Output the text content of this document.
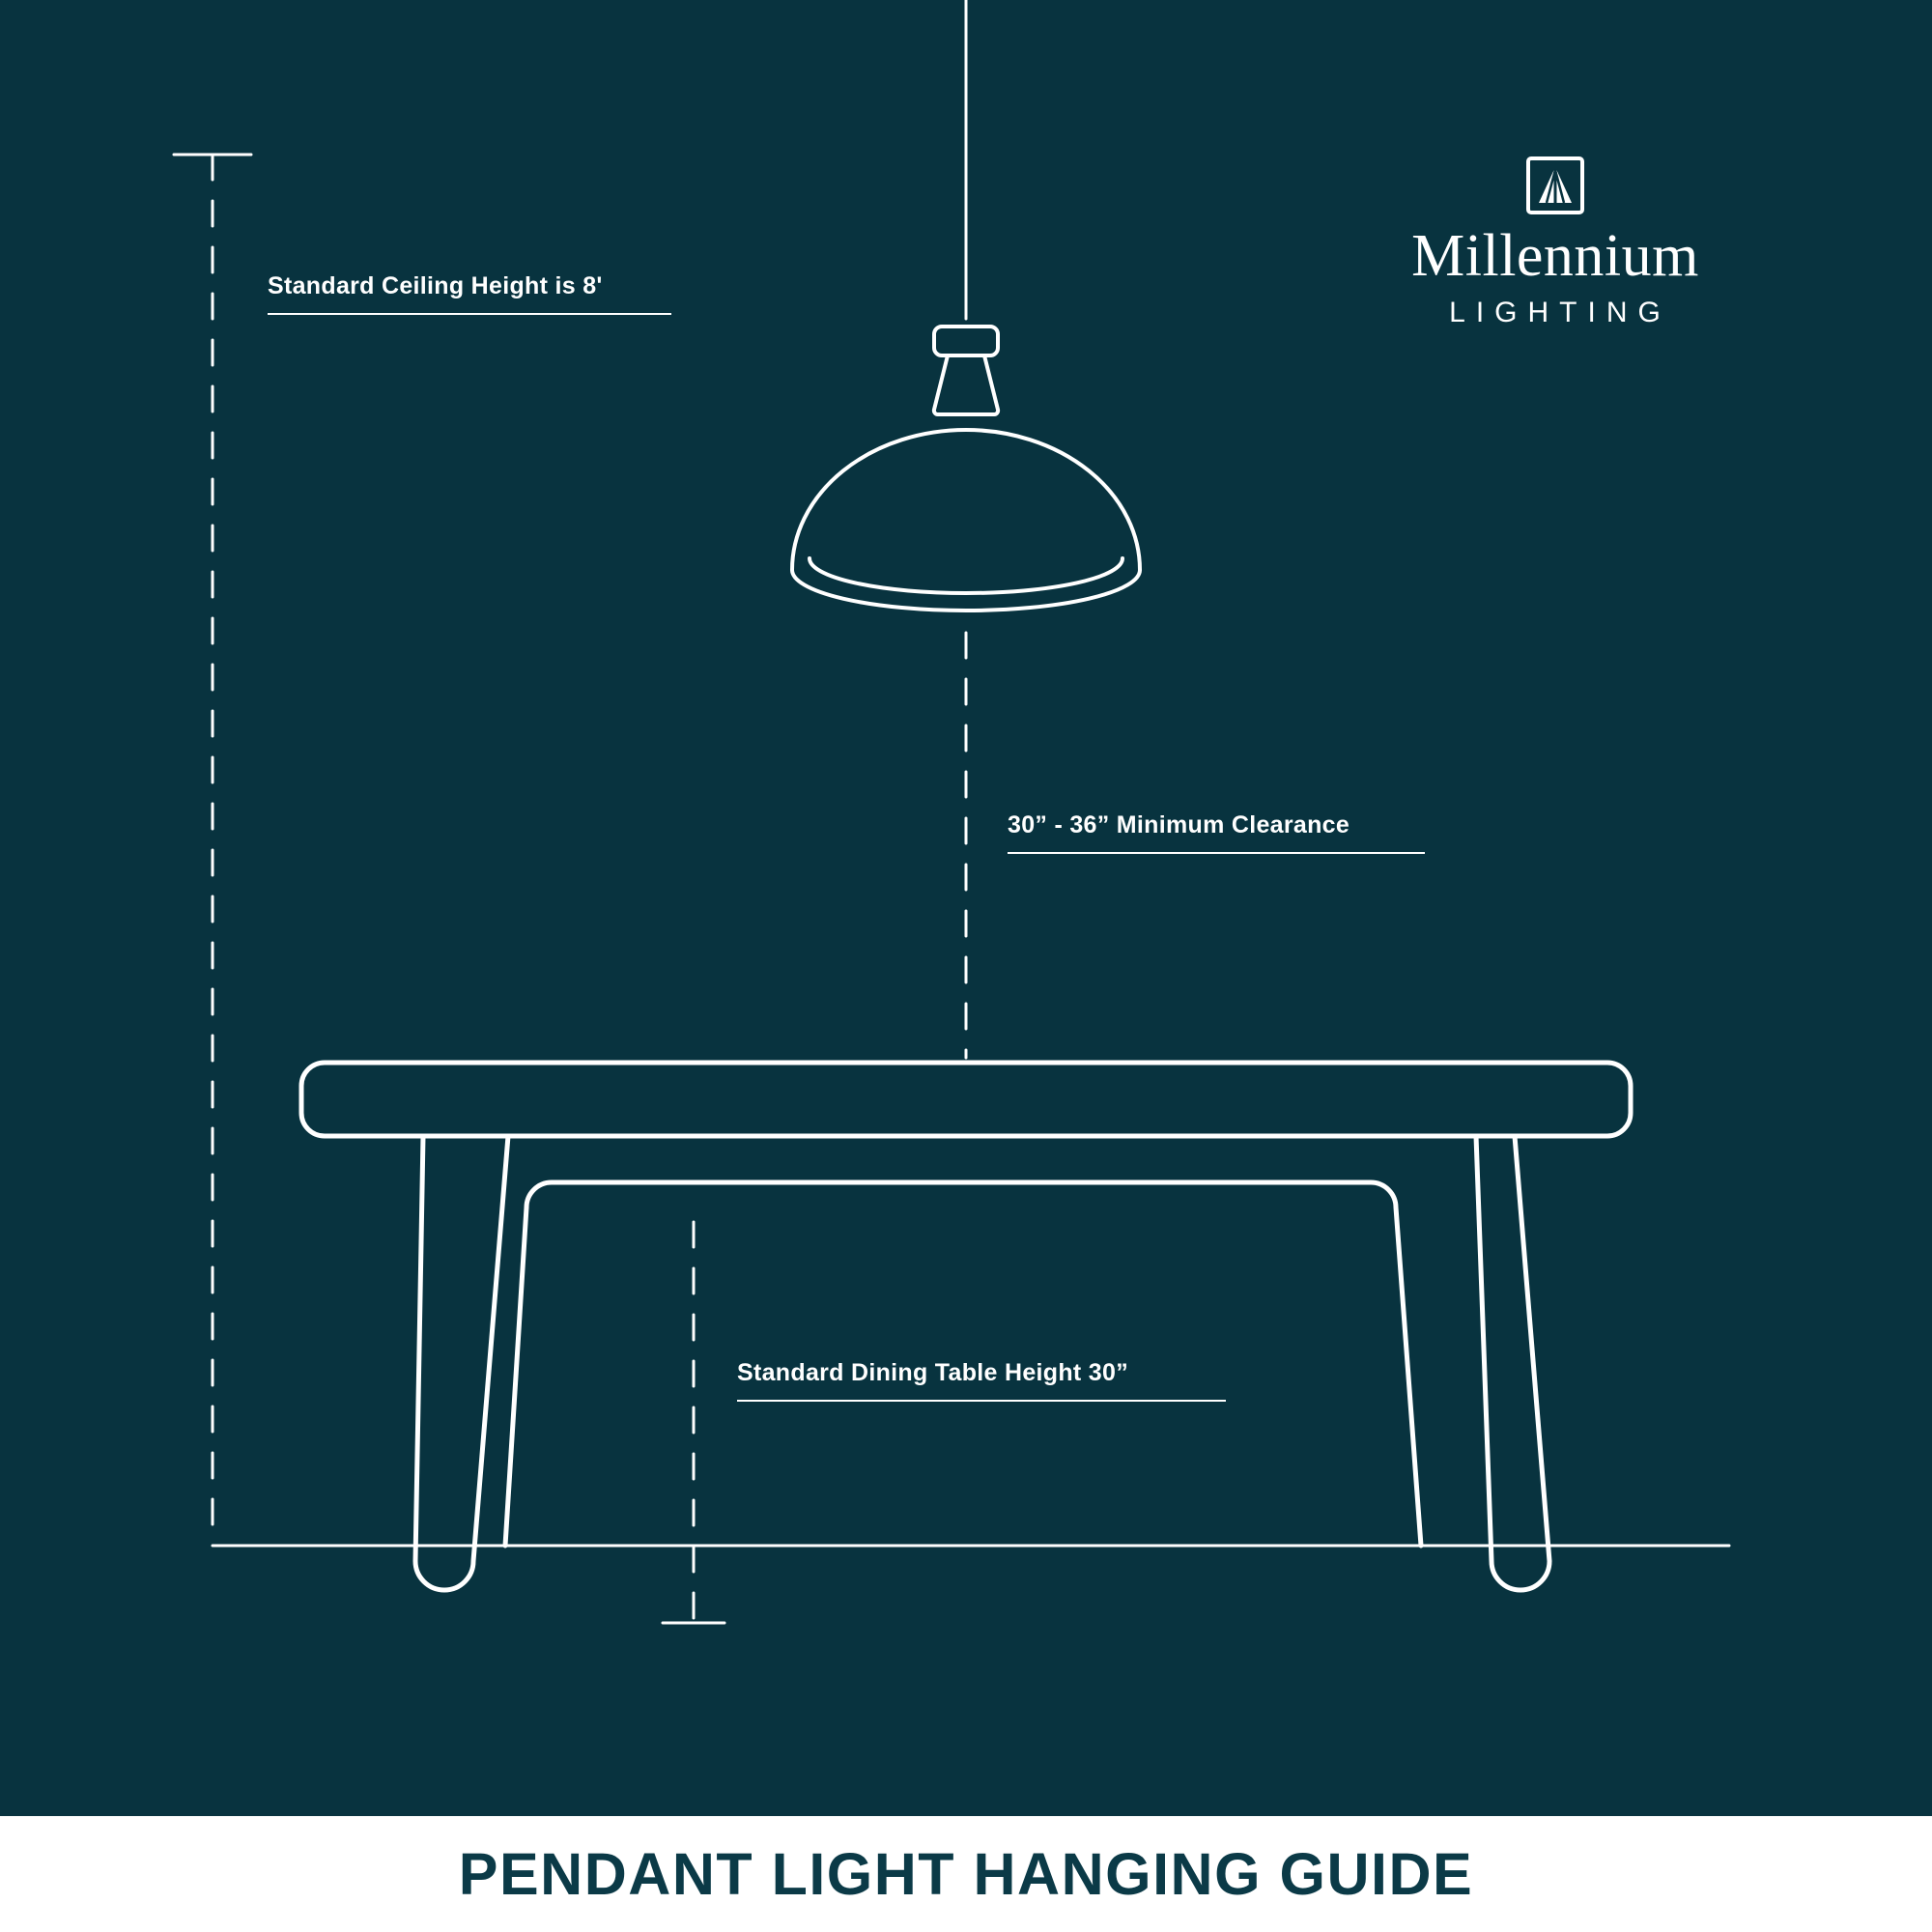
Millennium
LIGHTING
Standard Ceiling Height is 8'
30” - 36” Minimum Clearance
Standard Dining Table Height 30”
PENDANT LIGHT HANGING GUIDE
